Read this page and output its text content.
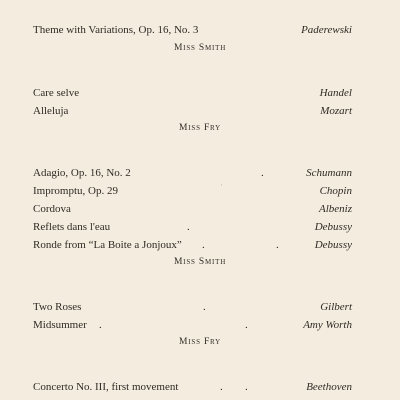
Theme with Variations, Op. 16, No. 3	Paderewski
Miss Smith
Care selve	Handel
Alleluja	Mozart
Miss Fry
Adagio, Op. 16, No. 2	.	Schumann
Impromptu, Op. 29	Chopin
Cordova	Albeniz
Reflets dans l'eau	.	Debussy
Ronde from “La Boite a Jonjoux” .	.	Debussy
Miss Smith
Two Roses	.	Gilbert
Midsummer .	.	Amy Worth
Miss Fry
Concerto No. III, first movement	. .	Beethoven
'
